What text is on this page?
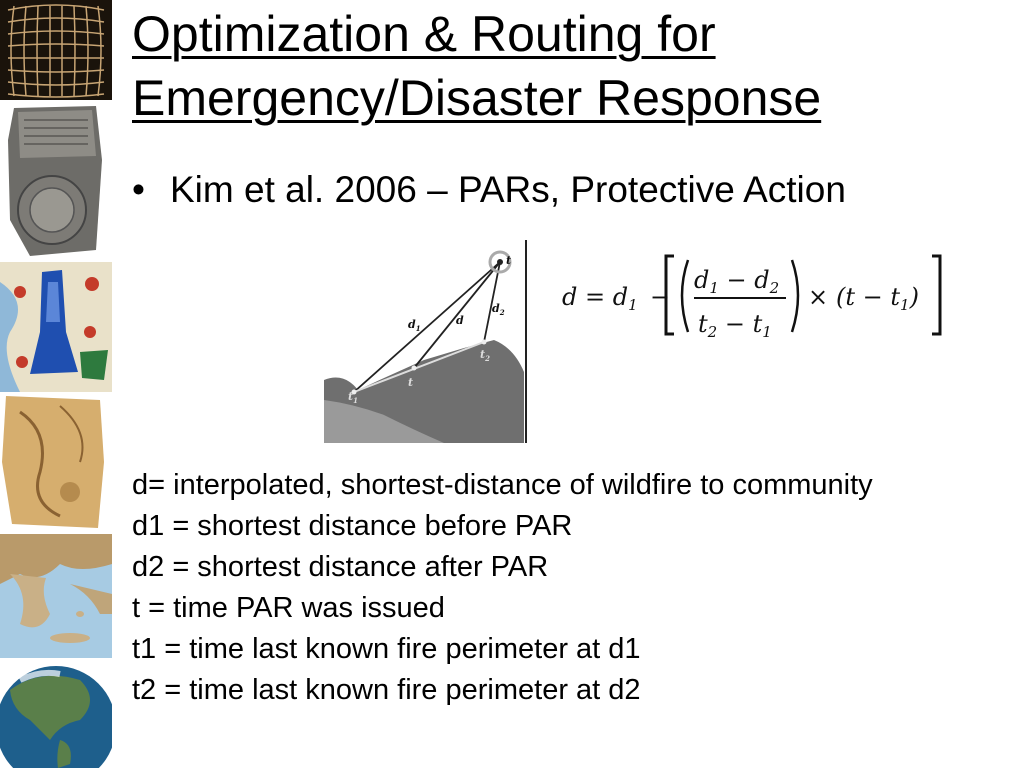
Optimization & Routing for
Emergency/Disaster Response
• Kim et al. 2006 – PARs, Protective Action
t
$d_1$
d
$d_2$
$t_2$
t
$t_1$
$d = d_1$ −
$d_1 - d_2$
$t_2 - t_1$
× $(t - t_1)$
d= interpolated, shortest-distance of wildfire to community
d1 = shortest distance before PAR
d2 = shortest distance after PAR
t = time PAR was issued
t1 = time last known fire perimeter at d1
t2 = time last known fire perimeter at d2
